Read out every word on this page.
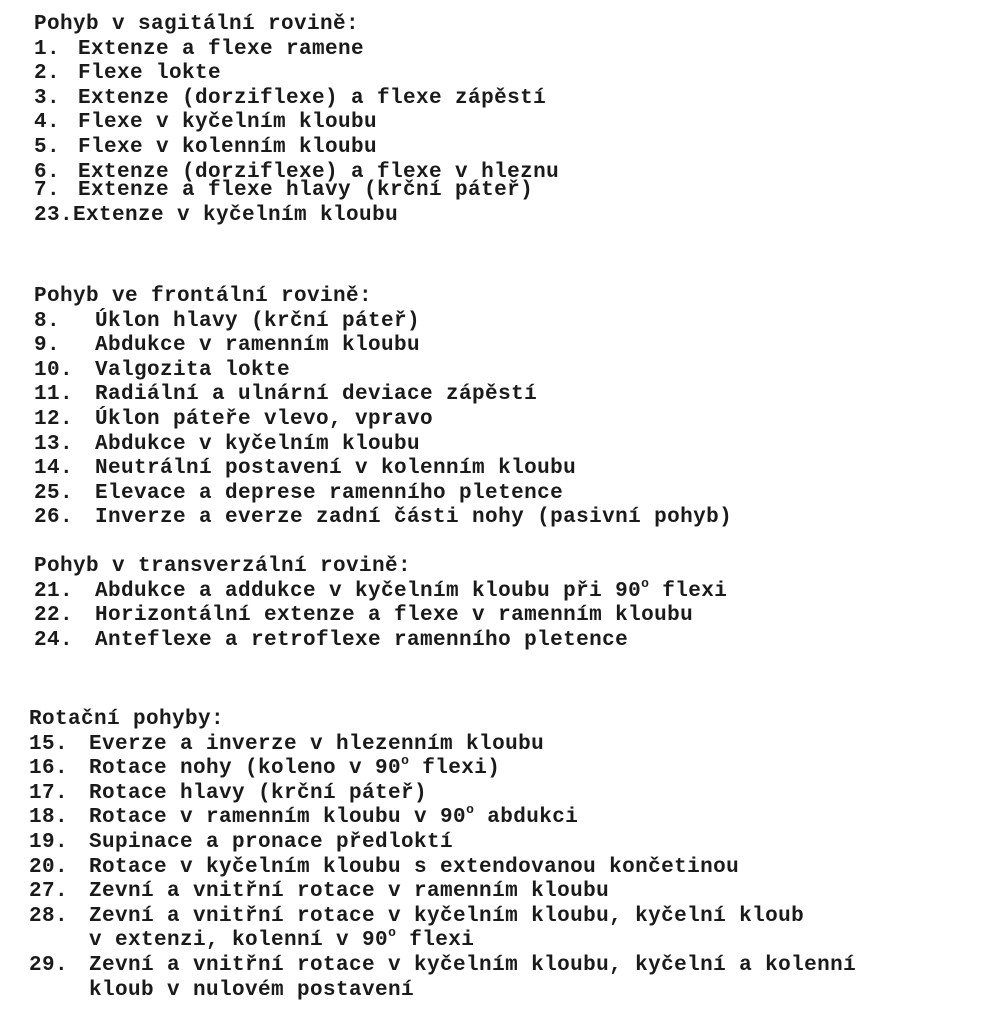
Pohyb v sagitální rovině:
1. Extenze a flexe ramene
2. Flexe lokte
3. Extenze (dorziflexe) a flexe zápěstí
4. Flexe v kyčelním kloubu
5. Flexe v kolenním kloubu
6. Extenze (dorziflexe) a flexe v hleznu
7. Extenze a flexe hlavy (krční páteř)
23.Extenze v kyčelním kloubu
Pohyb ve frontální rovině:
8. Úklon hlavy (krční páteř)
9. Abdukce v ramenním kloubu
10. Valgozita lokte
11. Radiální a ulnární deviace zápěstí
12. Úklon páteře vlevo, vpravo
13. Abdukce v kyčelním kloubu
14. Neutrální postavení v kolenním kloubu
25. Elevace a deprese ramenního pletence
26. Inverze a everze zadní části nohy (pasivní pohyb)
Pohyb v transverzální rovině:
21. Abdukce a addukce v kyčelním kloubu při 90$^o$ flexi
22. Horizontální extenze a flexe v ramenním kloubu
24. Anteflexe a retroflexe ramenního pletence
Rotační pohyby:
15. Everze a inverze v hlezenním kloubu
16. Rotace nohy (koleno v 90$^o$ flexi)
17. Rotace hlavy (krční páteř)
18. Rotace v ramenním kloubu v 90$^o$ abdukci
19. Supinace a pronace předloktí
20. Rotace v kyčelním kloubu s extendovanou končetinou
27. Zevní a vnitřní rotace v ramenním kloubu
28. Zevní a vnitřní rotace v kyčelním kloubu, kyčelní kloub
v extenzi, kolenní v 90$^o$ flexi
29. Zevní a vnitřní rotace v kyčelním kloubu, kyčelní a kolenní
kloub v nulovém postavení
